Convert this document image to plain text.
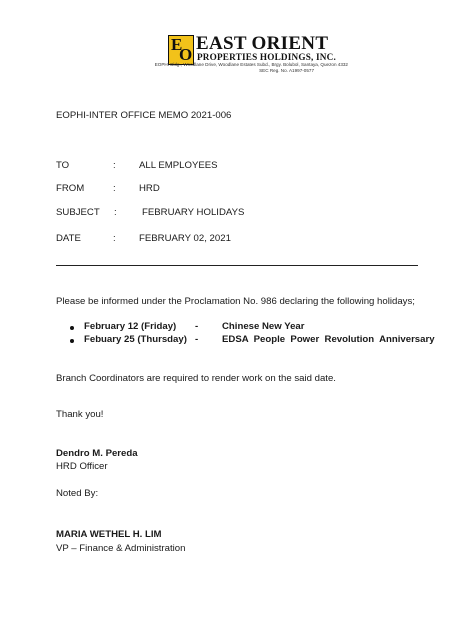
E
O
EAST ORIENT
PROPERTIES HOLDINGS, INC.
EOPHI Bldg., Woodlane Drive, Woodlane Estates Subd., Brgy. Bolubol, Santaya, Quezon 4332
SEC Reg. No. A1997-0577
EOPHI-INTER OFFICE MEMO 2021-006
TO	: ALL EMPLOYEES
FROM	: HRD
SUBJECT :	FEBRUARY HOLIDAYS
DATE	: FEBRUARY 02, 2021
Please be informed under the Proclamation No. 986 declaring the following holidays;
February 12 (Friday) - Chinese New Year
Febuary 25 (Thursday) - EDSA  People  Power  Revolution  Anniversary
Branch Coordinators are required to render work on the said date.
Thank you!
Dendro M. Pereda
HRD Officer
Noted By:
MARIA WETHEL H. LIM
VP – Finance & Administration
